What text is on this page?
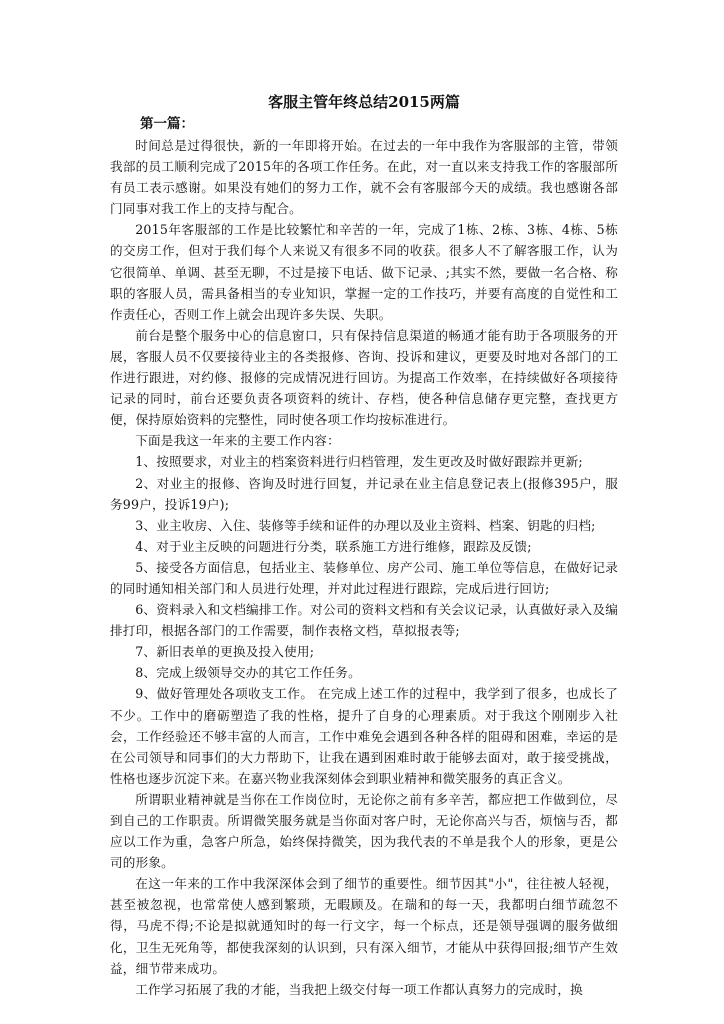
客服主管年终总结2015两篇
第一篇：

时间总是过得很快，新的一年即将开始。在过去的一年中我作为客服部的主管，带领我部的员工顺利完成了2015年的各项工作任务。在此，对一直以来支持我工作的客服部所有员工表示感谢。如果没有她们的努力工作，就不会有客服部今天的成绩。我也感谢各部门同事对我工作上的支持与配合。

2015年客服部的工作是比较繁忙和辛苦的一年，完成了1栋、2栋、3栋、4栋、5栋的交房工作，但对于我们每个人来说又有很多不同的收获。很多人不了解客服工作，认为它很简单、单调、甚至无聊，不过是接下电话、做下记录、;其实不然，要做一名合格、称职的客服人员，需具备相当的专业知识，掌握一定的工作技巧，并要有高度的自觉性和工作责任心，否则工作上就会出现许多失误、失职。

前台是整个服务中心的信息窗口，只有保持信息渠道的畅通才能有助于各项服务的开展，客服人员不仅要接待业主的各类报修、咨询、投诉和建议，更要及时地对各部门的工作进行跟进，对约修、报修的完成情况进行回访。为提高工作效率，在持续做好各项接待记录的同时，前台还要负责各项资料的统计、存档，使各种信息储存更完整，查找更方便，保持原始资料的完整性，同时使各项工作均按标准进行。

下面是我这一年来的主要工作内容：

1、按照要求，对业主的档案资料进行归档管理，发生更改及时做好跟踪并更新;

2、对业主的报修、咨询及时进行回复，并记录在业主信息登记表上(报修395户，服务99户，投诉19户);

3、业主收房、入住、装修等手续和证件的办理以及业主资料、档案、钥匙的归档;

4、对于业主反映的问题进行分类，联系施工方进行维修，跟踪及反馈;

5、接受各方面信息，包括业主、装修单位、房产公司、施工单位等信息，在做好记录的同时通知相关部门和人员进行处理，并对此过程进行跟踪，完成后进行回访;

6、资料录入和文档编排工作。对公司的资料文档和有关会议记录，认真做好录入及编排打印，根据各部门的工作需要，制作表格文档，草拟报表等;

7、新旧表单的更换及投入使用;

8、完成上级领导交办的其它工作任务。

9、做好管理处各项收支工作。 在完成上述工作的过程中，我学到了很多，也成长了不少。工作中的磨砺塑造了我的性格，提升了自身的心理素质。对于我这个刚刚步入社会，工作经验还不够丰富的人而言，工作中难免会遇到各种各样的阻碍和困难，幸运的是在公司领导和同事们的大力帮助下，让我在遇到困难时敢于能够去面对，敢于接受挑战，性格也逐步沉淀下来。在嘉兴物业我深刻体会到职业精神和微笑服务的真正含义。

所谓职业精神就是当你在工作岗位时，无论你之前有多辛苦，都应把工作做到位，尽到自己的工作职责。所谓微笑服务就是当你面对客户时，无论你高兴与否，烦恼与否，都应以工作为重，急客户所急，始终保持微笑，因为我代表的不单是我个人的形象，更是公司的形象。

在这一年来的工作中我深深体会到了细节的重要性。细节因其"小"，往往被人轻视，甚至被忽视，也常常使人感到繁琐，无暇顾及。在瑞和的每一天，我都明白细节疏忽不得，马虎不得;不论是拟就通知时的每一行文字，每一个标点，还是领导强调的服务做细化，卫生无死角等，都使我深刻的认识到，只有深入细节，才能从中获得回报;细节产生效益，细节带来成功。

工作学习拓展了我的才能，当我把上级交付每一项工作都认真努力的完成时，换
